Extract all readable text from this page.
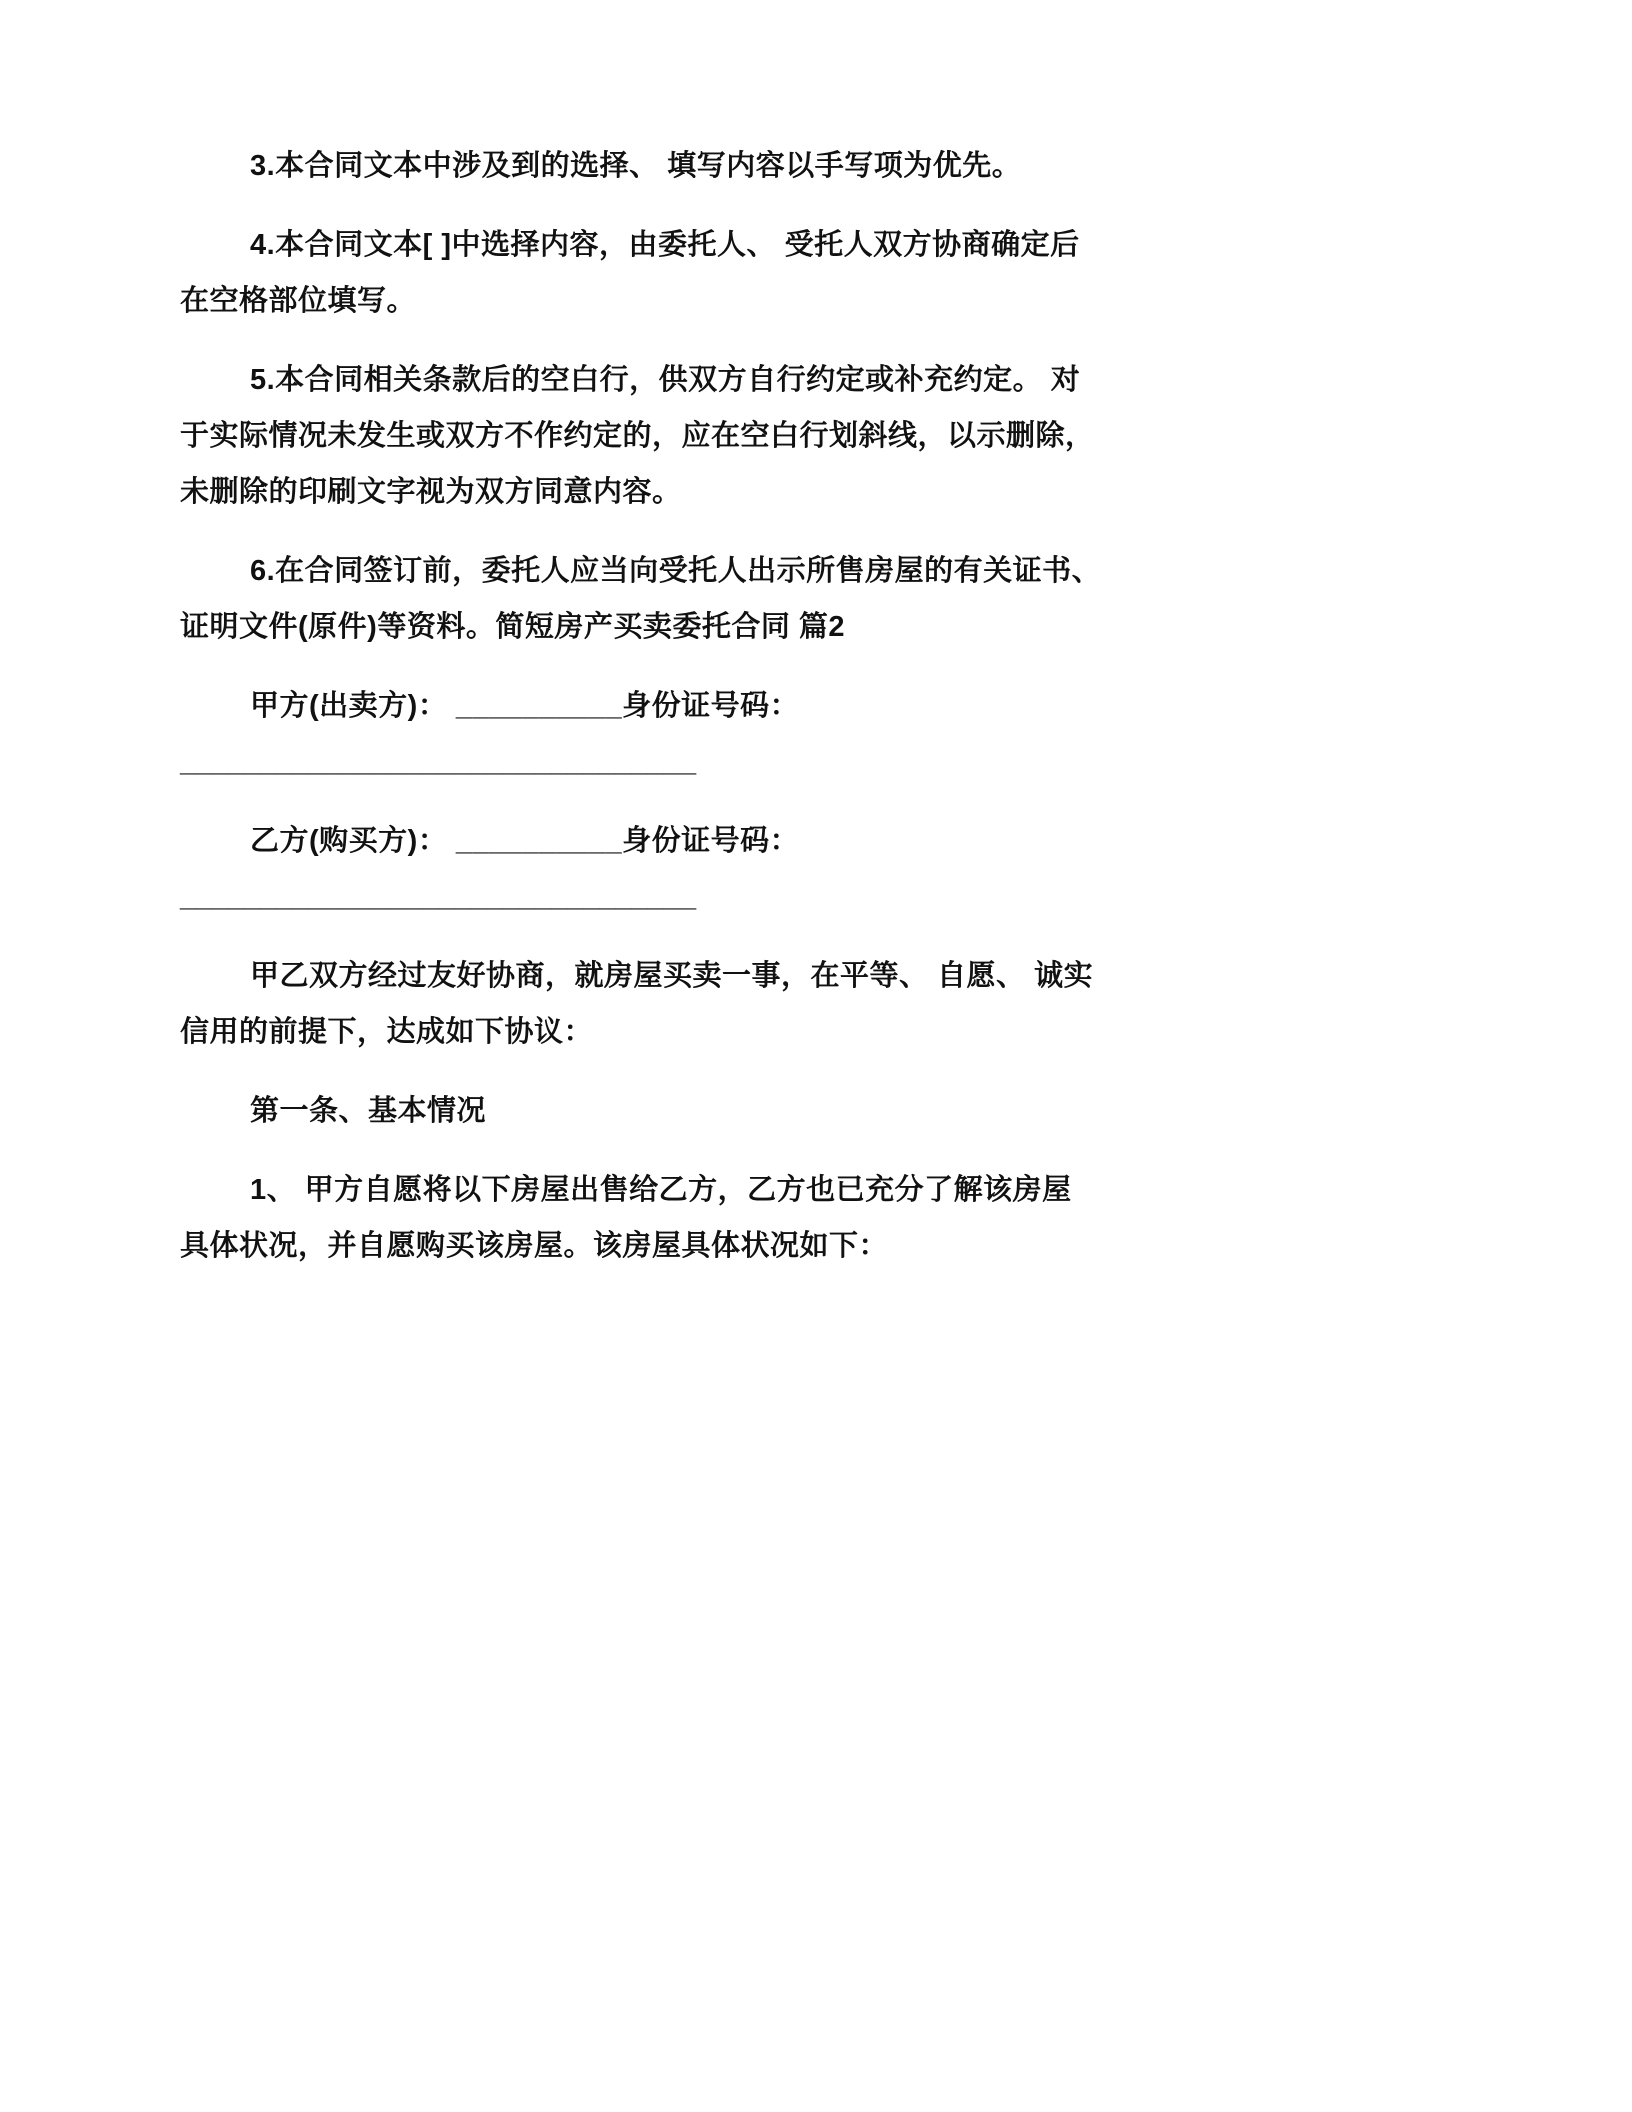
3.本合同文本中涉及到的选择、 填写内容以手写项为优先。
4.本合同文本[ ]中选择内容，由委托人、 受托人双方协商确定后
在空格部位填写。
5.本合同相关条款后的空白行，供双方自行约定或补充约定。 对
于实际情况未发生或双方不作约定的，应在空白行划斜线，以示删除，
未删除的印刷文字视为双方同意内容。
6.在合同签订前，委托人应当向受托人出示所售房屋的有关证书、
证明文件(原件)等资料。简短房产买卖委托合同 篇2
甲方(出卖方)： __________身份证号码：
________________________________
乙方(购买方)： __________身份证号码：
________________________________
甲乙双方经过友好协商，就房屋买卖一事，在平等、 自愿、 诚实
信用的前提下，达成如下协议：
第一条、基本情况
1、 甲方自愿将以下房屋出售给乙方，乙方也已充分了解该房屋
具体状况，并自愿购买该房屋。该房屋具体状况如下：
